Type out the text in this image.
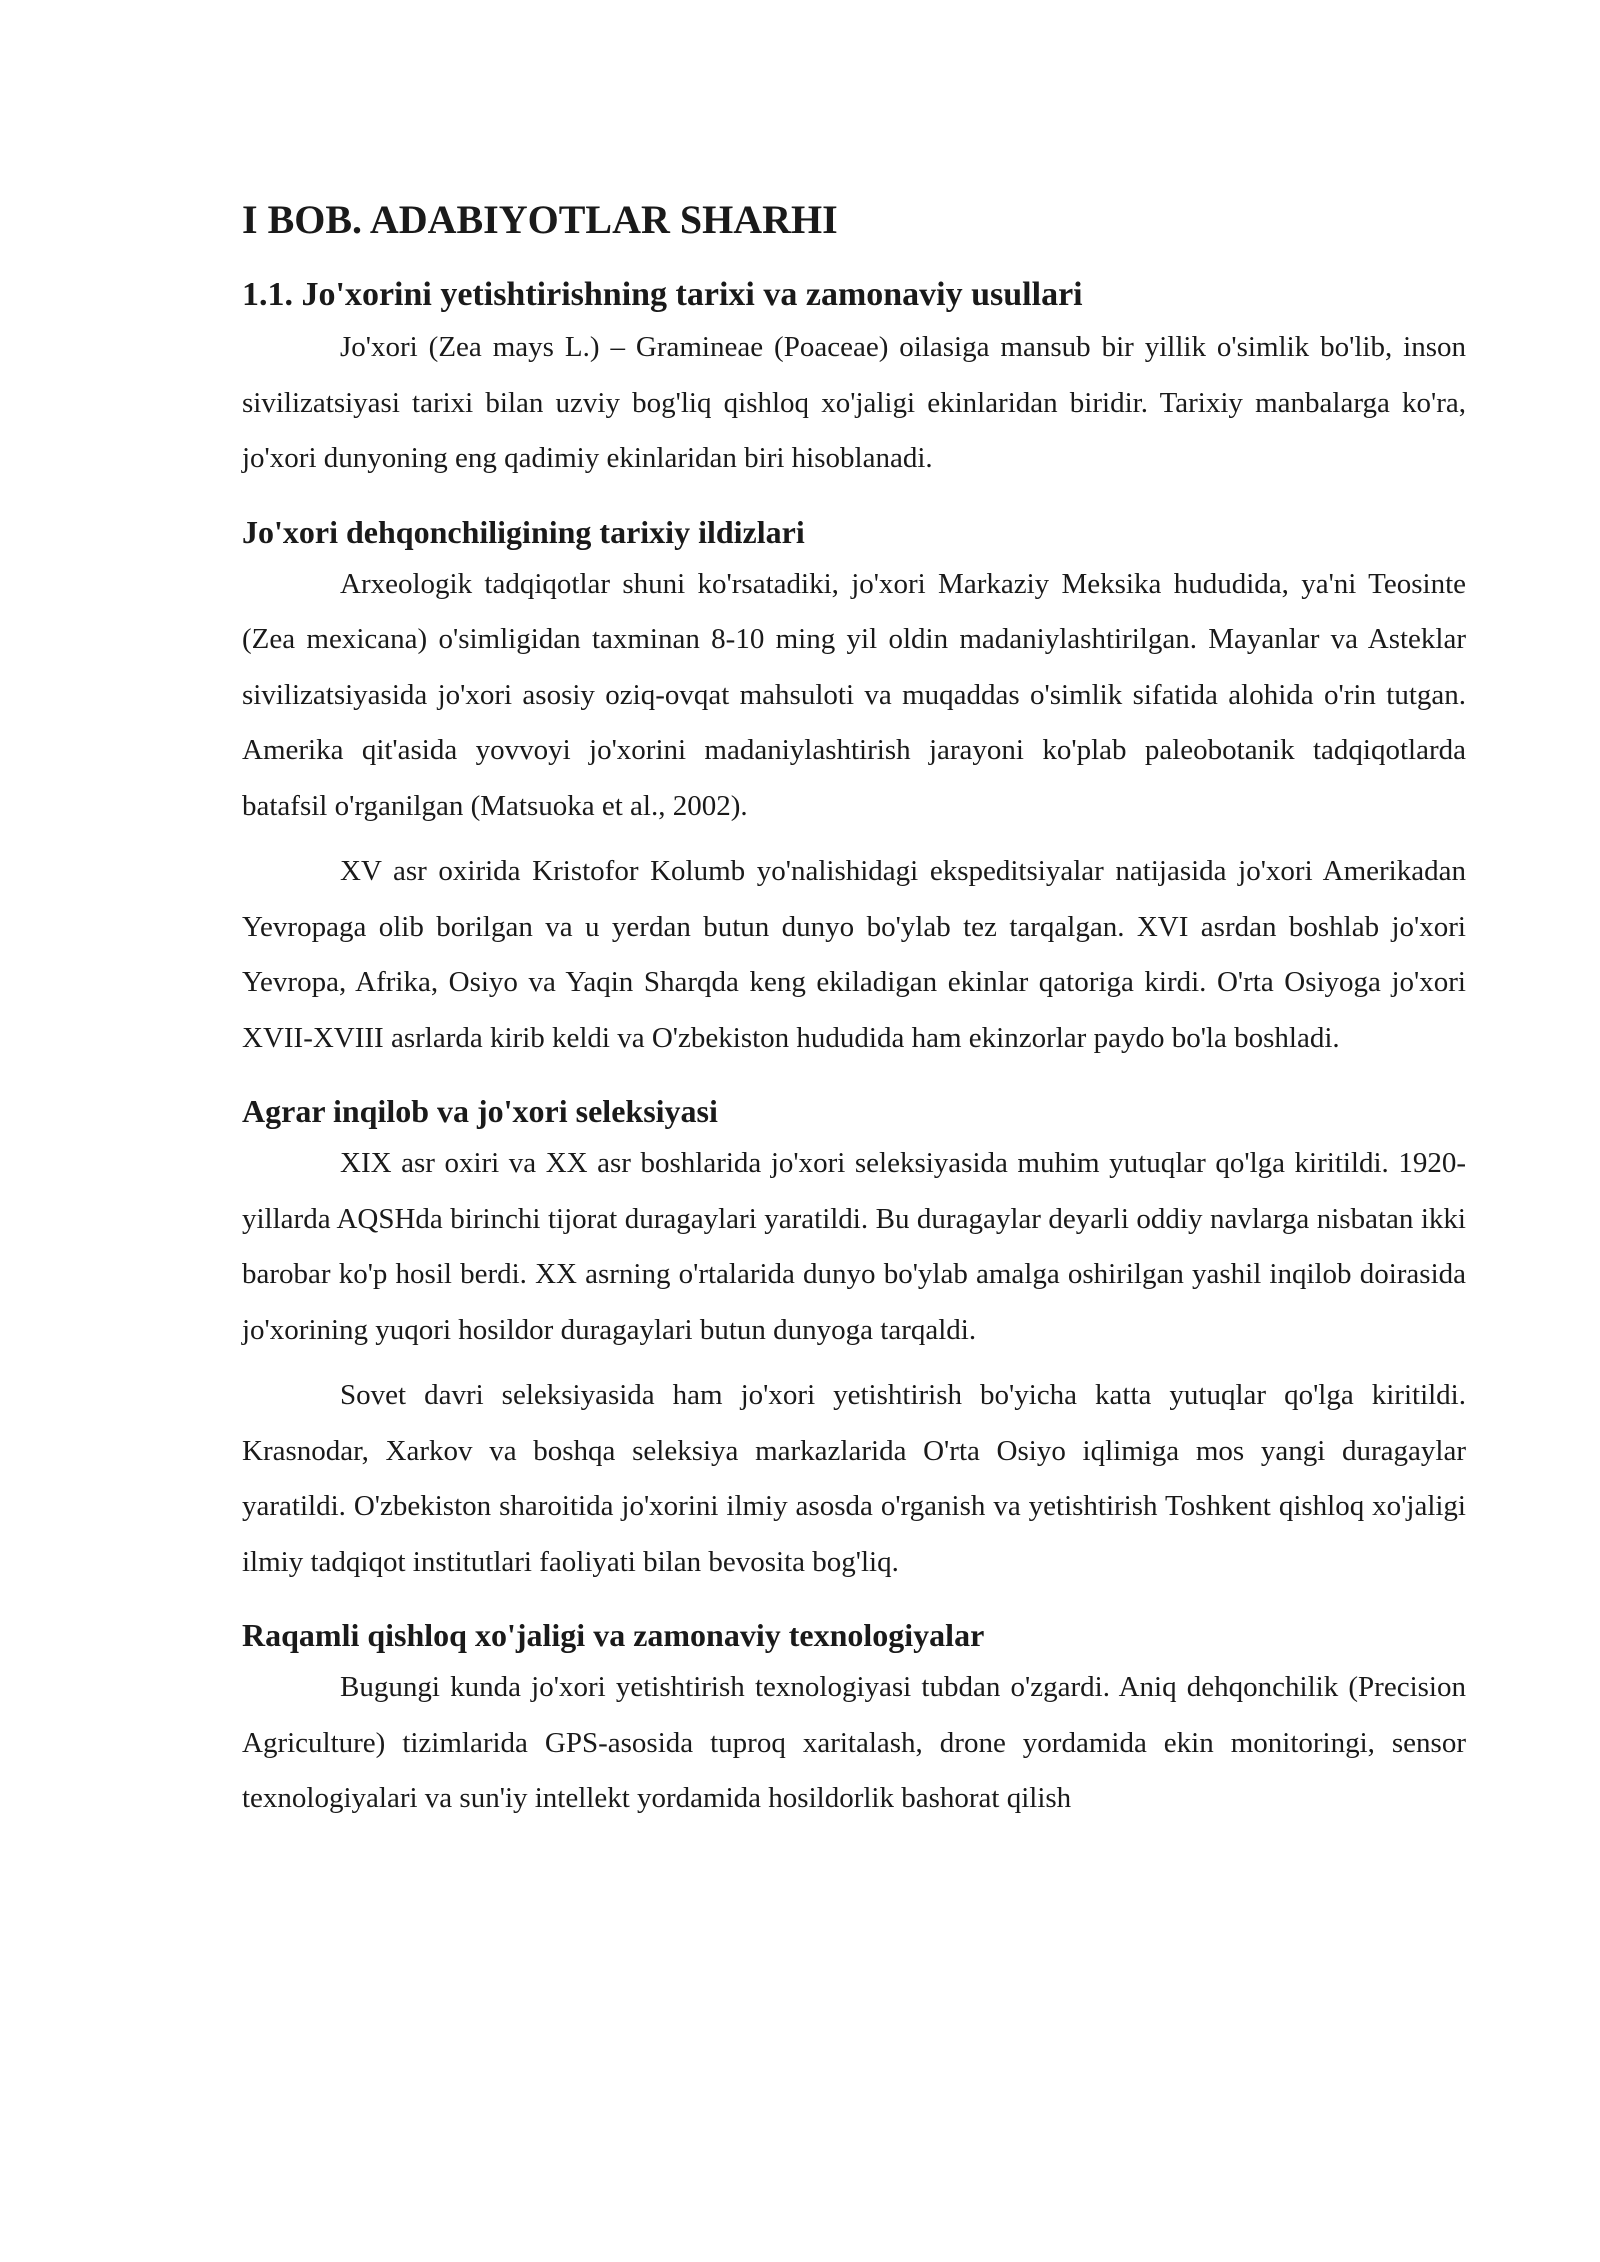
I BOB. ADABIYOTLAR SHARHI
1.1. Jo'xorini yetishtirishning tarixi va zamonaviy usullari

Jo'xori (Zea mays L.) – Gramineae (Poaceae) oilasiga mansub bir yillik o'simlik bo'lib, inson sivilizatsiyasi tarixi bilan uzviy bog'liq qishloq xo'jaligi ekinlaridan biridir. Tarixiy manbalarga ko'ra, jo'xori dunyoning eng qadimiy ekinlaridan biri hisoblanadi.

Jo'xori dehqonchiligining tarixiy ildizlari

Arxeologik tadqiqotlar shuni ko'rsatadiki, jo'xori Markaziy Meksika hududida, ya'ni Teosinte (Zea mexicana) o'simligidan taxminan 8-10 ming yil oldin madaniylashtirilgan. Mayanlar va Asteklar sivilizatsiyasida jo'xori asosiy oziq-ovqat mahsuloti va muqaddas o'simlik sifatida alohida o'rin tutgan. Amerika qit'asida yovvoyi jo'xorini madaniylashtirish jarayoni ko'plab paleobotanik tadqiqotlarda batafsil o'rganilgan (Matsuoka et al., 2002).

XV asr oxirida Kristofor Kolumb yo'nalishidagi ekspeditsiyalar natijasida jo'xori Amerikadan Yevropaga olib borilgan va u yerdan butun dunyo bo'ylab tez tarqalgan. XVI asrdan boshlab jo'xori Yevropa, Afrika, Osiyo va Yaqin Sharqda keng ekiladigan ekinlar qatoriga kirdi. O'rta Osiyoga jo'xori XVII-XVIII asrlarda kirib keldi va O'zbekiston hududida ham ekinzorlar paydo bo'la boshladi.

Agrar inqilob va jo'xori seleksiyasi

XIX asr oxiri va XX asr boshlarida jo'xori seleksiyasida muhim yutuqlar qo'lga kiritildi. 1920-yillarda AQSHda birinchi tijorat duragaylari yaratildi. Bu duragaylar deyarli oddiy navlarga nisbatan ikki barobar ko'p hosil berdi. XX asrning o'rtalarida dunyo bo'ylab amalga oshirilgan yashil inqilob doirasida jo'xorining yuqori hosildor duragaylari butun dunyoga tarqaldi.

Sovet davri seleksiyasida ham jo'xori yetishtirish bo'yicha katta yutuqlar qo'lga kiritildi. Krasnodar, Xarkov va boshqa seleksiya markazlarida O'rta Osiyo iqlimiga mos yangi duragaylar yaratildi. O'zbekiston sharoitida jo'xorini ilmiy asosda o'rganish va yetishtirish Toshkent qishloq xo'jaligi ilmiy tadqiqot institutlari faoliyati bilan bevosita bog'liq.

Raqamli qishloq xo'jaligi va zamonaviy texnologiyalar

Bugungi kunda jo'xori yetishtirish texnologiyasi tubdan o'zgardi. Aniq dehqonchilik (Precision Agriculture) tizimlarida GPS-asosida tuproq xaritalash, drone yordamida ekin monitoringi, sensor texnologiyalari va sun'iy intellekt yordamida hosildorlik bashorat qilish
